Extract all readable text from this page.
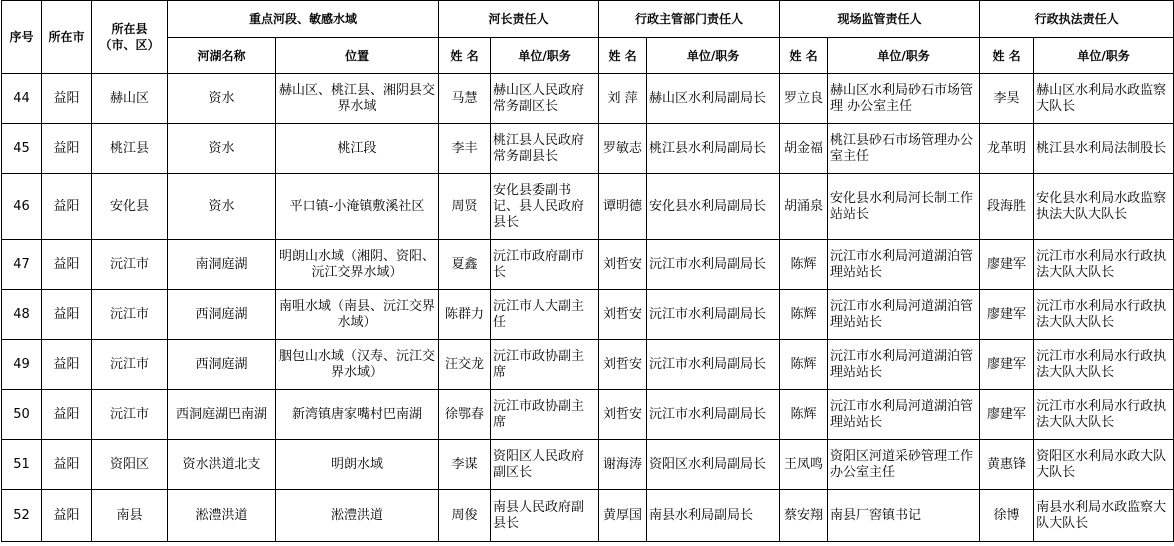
序号	所在市	所在县（市、区）	重点河段、敏感水域		河长责任人		行政主管部门责任人		现场监管责任人		行政执法责任人	
			河湖名称	位置	姓 名	单位/职务	姓 名	单位/职务	姓 名	单位/职务	姓 名	单位/职务
44	益阳	赫山区	资水	赫山区、桃江县、湘阴县交界水域	马慧	赫山区人民政府常务副区长	刘 萍	赫山区水利局副局长	罗立良	赫山区水利局砂石市场管理 办公室主任	李昊	赫山区水利局水政监察大队长
45	益阳	桃江县	资水	桃江段	李丰	桃江县人民政府常务副县长	罗敏志	桃江县水利局副局长	胡金福	桃江县砂石市场管理办公室主任	龙革明	桃江县水利局法制股长
46	益阳	安化县	资水	平口镇-小淹镇敷溪社区	周贤	安化县委副书记、县人民政府县长	谭明德	安化县水利局副局长	胡涌泉	安化县水利局河长制工作站站长	段海胜	安化县水利局水政监察执法大队大队长
47	益阳	沅江市	南洞庭湖	明朗山水域（湘阴、资阳、沅江交界水域）	夏鑫	沅江市政府副市长	刘哲安	沅江市水利局副局长	陈辉	沅江市水利局河道湖泊管理站站长	廖建军	沅江市水利局水行政执法大队大队长
48	益阳	沅江市	西洞庭湖	南咀水域（南县、沅江交界水域）	陈群力	沅江市人大副主任	刘哲安	沅江市水利局副局长	陈辉	沅江市水利局河道湖泊管理站站长	廖建军	沅江市水利局水行政执法大队大队长
49	益阳	沅江市	西洞庭湖	胭包山水域（汉寿、沅江交界水域）	汪交龙	沅江市政协副主席	刘哲安	沅江市水利局副局长	陈辉	沅江市水利局河道湖泊管理站站长	廖建军	沅江市水利局水行政执法大队大队长
50	益阳	沅江市	西洞庭湖巴南湖	新湾镇唐家嘴村巴南湖	徐鄂春	沅江市政协副主席	刘哲安	沅江市水利局副局长	陈辉	沅江市水利局河道湖泊管理站站长	廖建军	沅江市水利局水行政执法大队大队长
51	益阳	资阳区	资水洪道北支	明朗水域	李谋	资阳区人民政府副区长	谢海涛	资阳区水利局副局长	王凤鸣	资阳区河道采砂管理工作办公室主任	黄惠锋	资阳区水利局水政大队大队长
52	益阳	南县	淞澧洪道	淞澧洪道	周俊	南县人民政府副县长	黄厚国	南县水利局副局长	蔡安翔	南县厂窖镇书记	徐博	南县水利局水政监察大队大队长
